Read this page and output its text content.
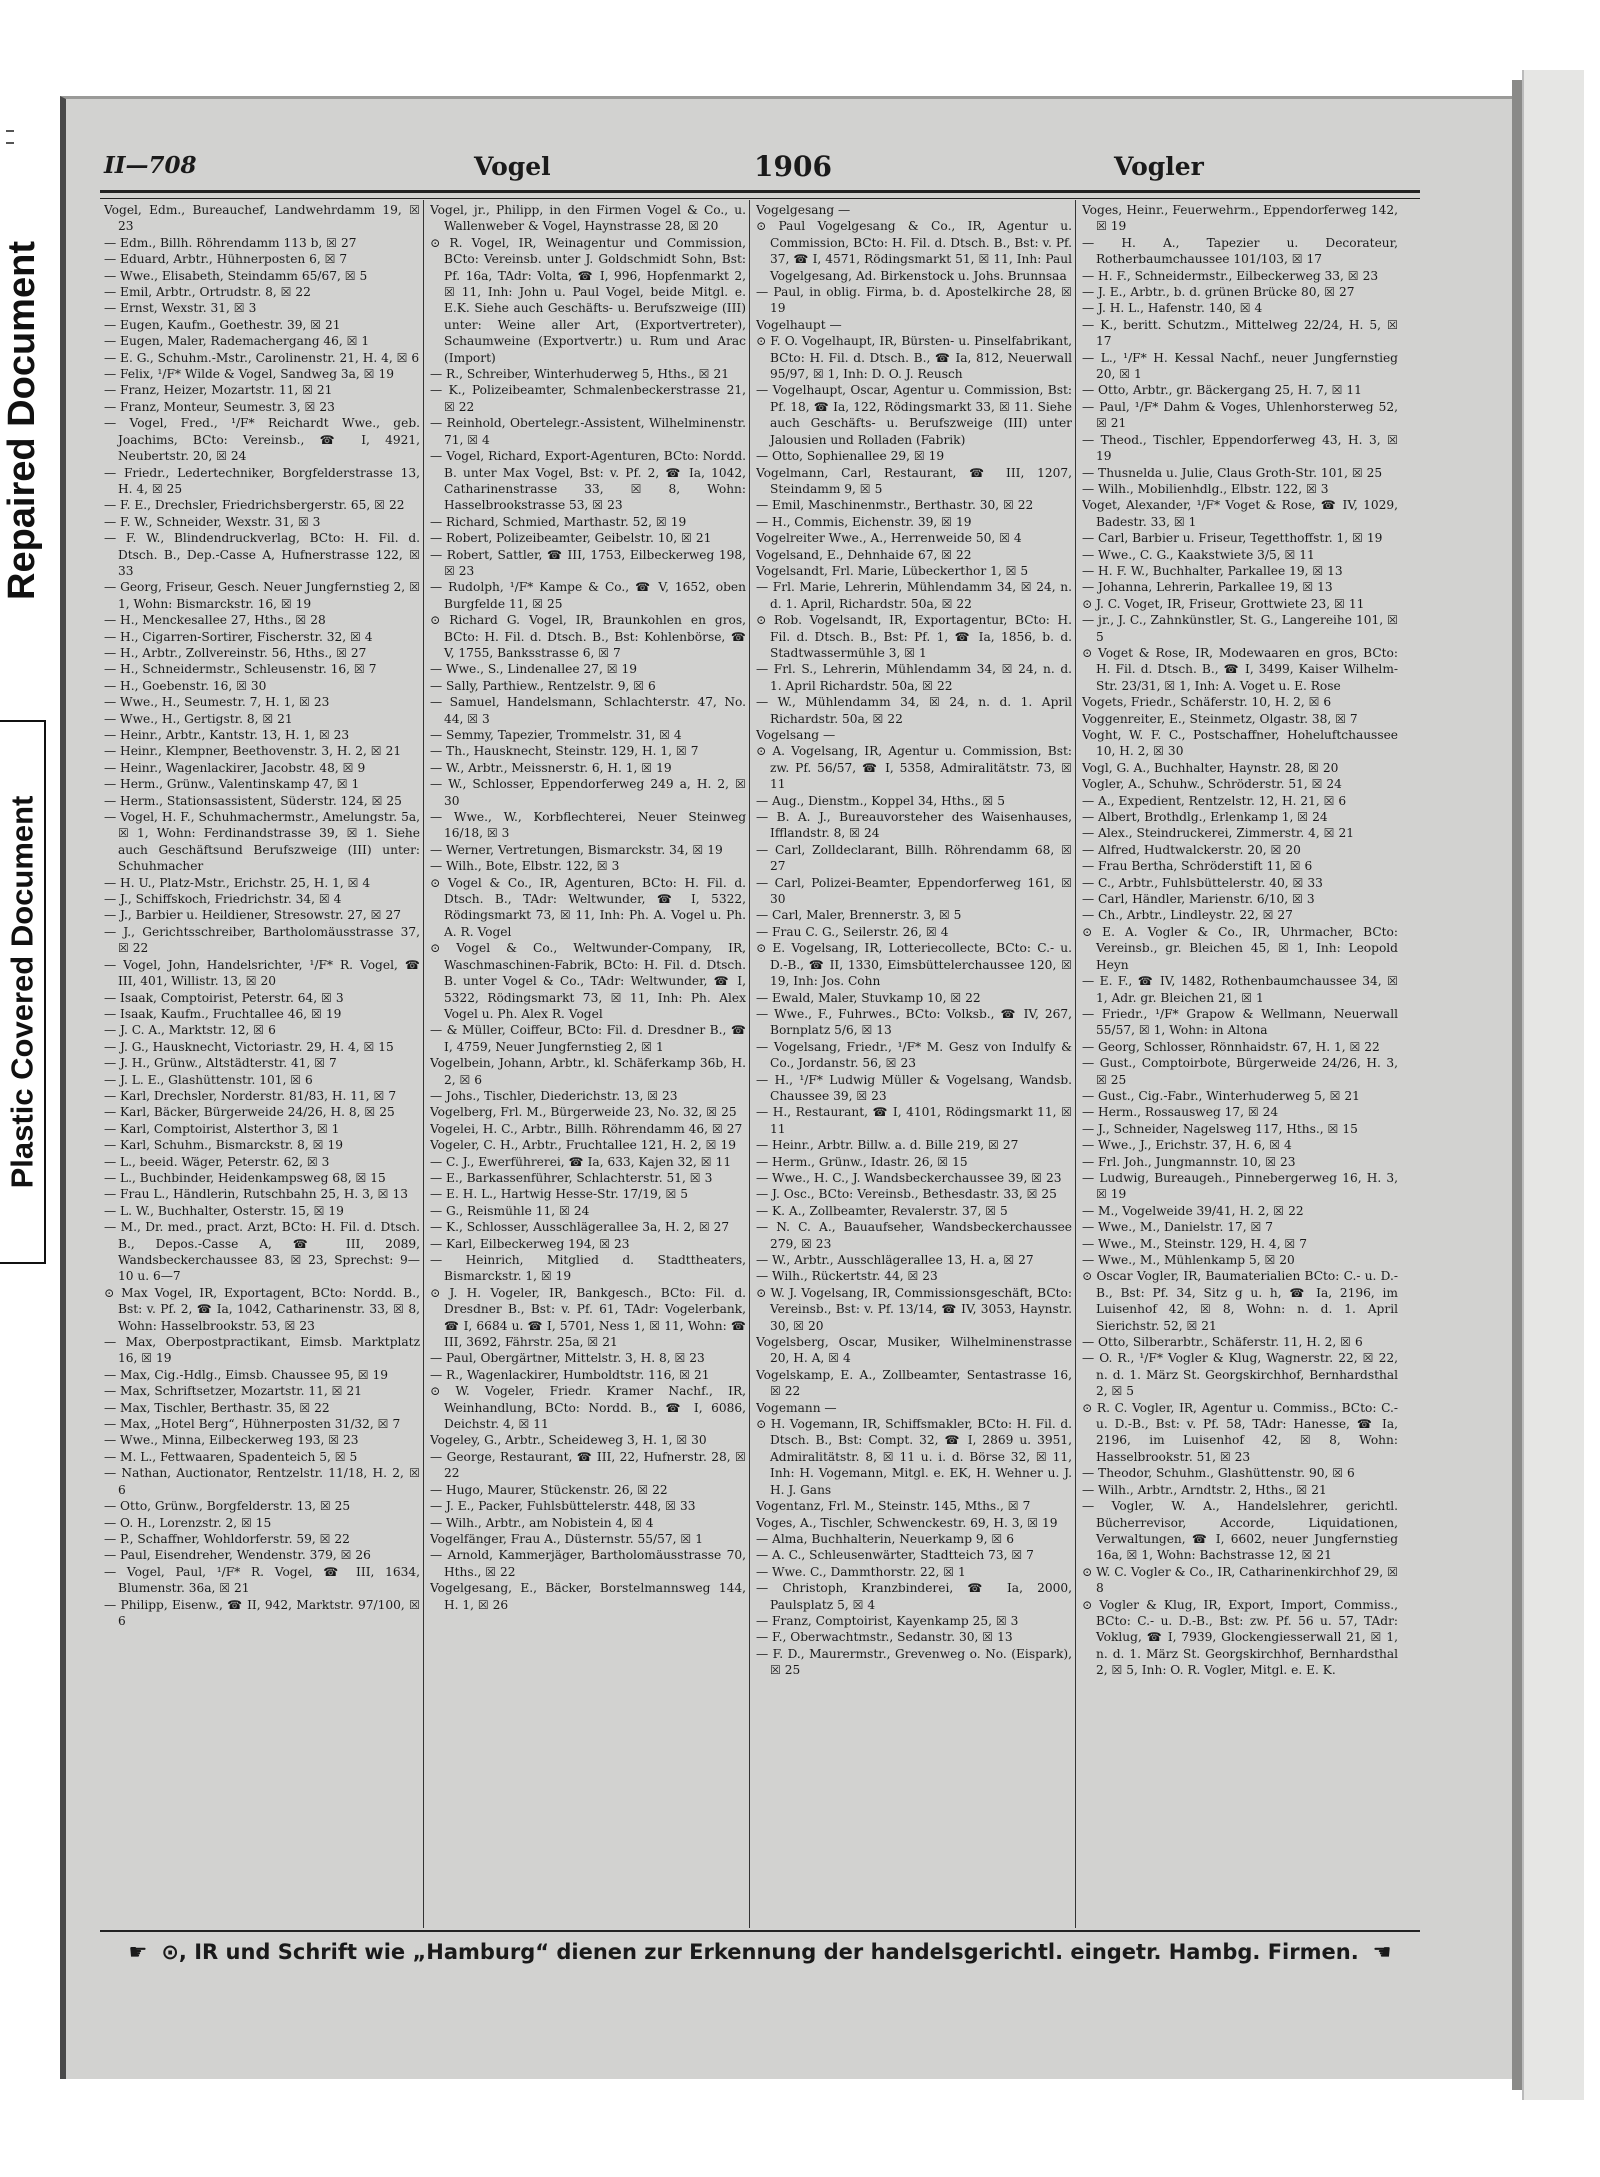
Repaired Document
Plastic Covered Document
II—708	Vogel	1906	Vogler

Vogel, Edm., Bureauchef, Landwehrdamm 19, ☒ 23

— Edm., Billh. Röhrendamm 113 b, ☒ 27

— Eduard, Arbtr., Hühnerposten 6, ☒ 7

— Wwe., Elisabeth, Steindamm 65/67, ☒ 5

— Emil, Arbtr., Ortrudstr. 8, ☒ 22

— Ernst, Wexstr. 31, ☒ 3

— Eugen, Kaufm., Goethestr. 39, ☒ 21

— Eugen, Maler, Rademachergang 46, ☒ 1

— E. G., Schuhm.-Mstr., Carolinenstr. 21, H. 4, ☒ 6

— Felix, ¹/F* Wilde & Vogel, Sandweg 3a, ☒ 19

— Franz, Heizer, Mozartstr. 11, ☒ 21

— Franz, Monteur, Seumestr. 3, ☒ 23

— Vogel, Fred., ¹/F* Reichardt Wwe., geb. Joachims, BCto: Vereinsb., ☎ I, 4921, Neubertstr. 20, ☒ 24

— Friedr., Ledertechniker, Borgfelderstrasse 13, H. 4, ☒ 25

— F. E., Drechsler, Friedrichsbergerstr. 65, ☒ 22

— F. W., Schneider, Wexstr. 31, ☒ 3

— F. W., Blindendruckverlag, BCto: H. Fil. d. Dtsch. B., Dep.-Casse A, Hufnerstrasse 122, ☒ 33

— Georg, Friseur, Gesch. Neuer Jungfernstieg 2, ☒ 1, Wohn: Bismarckstr. 16, ☒ 19

— H., Menckesallee 27, Hths., ☒ 28

— H., Cigarren-Sortirer, Fischerstr. 32, ☒ 4

— H., Arbtr., Zollvereinstr. 56, Hths., ☒ 27

— H., Schneidermstr., Schleusenstr. 16, ☒ 7

— H., Goebenstr. 16, ☒ 30

— Wwe., H., Seumestr. 7, H. 1, ☒ 23

— Wwe., H., Gertigstr. 8, ☒ 21

— Heinr., Arbtr., Kantstr. 13, H. 1, ☒ 23

— Heinr., Klempner, Beethovenstr. 3, H. 2, ☒ 21

— Heinr., Wagenlackirer, Jacobstr. 48, ☒ 9

— Herm., Grünw., Valentinskamp 47, ☒ 1

— Herm., Stationsassistent, Süderstr. 124, ☒ 25

— Vogel, H. F., Schuhmachermstr., Amelungstr. 5a, ☒ 1, Wohn: Ferdinandstrasse 39, ☒ 1. Siehe auch Geschäftsund Berufszweige (III) unter: Schuhmacher

— H. U., Platz-Mstr., Erichstr. 25, H. 1, ☒ 4

— J., Schiffskoch, Friedrichstr. 34, ☒ 4

— J., Barbier u. Heildiener, Stresowstr. 27, ☒ 27

— J., Gerichtsschreiber, Bartholomäusstrasse 37, ☒ 22

— Vogel, John, Handelsrichter, ¹/F* R. Vogel, ☎ III, 401, Willistr. 13, ☒ 20

— Isaak, Comptoirist, Peterstr. 64, ☒ 3

— Isaak, Kaufm., Fruchtallee 46, ☒ 19

— J. C. A., Marktstr. 12, ☒ 6

— J. G., Hausknecht, Victoriastr. 29, H. 4, ☒ 15

— J. H., Grünw., Altstädterstr. 41, ☒ 7

— J. L. E., Glashüttenstr. 101, ☒ 6

— Karl, Drechsler, Norderstr. 81/83, H. 11, ☒ 7

— Karl, Bäcker, Bürgerweide 24/26, H. 8, ☒ 25

— Karl, Comptoirist, Alsterthor 3, ☒ 1

— Karl, Schuhm., Bismarckstr. 8, ☒ 19

— L., beeid. Wäger, Peterstr. 62, ☒ 3

— L., Buchbinder, Heidenkampsweg 68, ☒ 15

— Frau L., Händlerin, Rutschbahn 25, H. 3, ☒ 13

— L. W., Buchhalter, Osterstr. 15, ☒ 19

— M., Dr. med., pract. Arzt, BCto: H. Fil. d. Dtsch. B., Depos.-Casse A, ☎ III, 2089, Wandsbeckerchaussee 83, ☒ 23, Sprechst: 9—10 u. 6—7

⊙ Max Vogel, IR, Exportagent, BCto: Nordd. B., Bst: v. Pf. 2, ☎ Ia, 1042, Catharinenstr. 33, ☒ 8, Wohn: Hasselbrookstr. 53, ☒ 23

— Max, Oberpostpractikant, Eimsb. Marktplatz 16, ☒ 19

— Max, Cig.-Hdlg., Eimsb. Chaussee 95, ☒ 19

— Max, Schriftsetzer, Mozartstr. 11, ☒ 21

— Max, Tischler, Berthastr. 35, ☒ 22

— Max, „Hotel Berg“, Hühnerposten 31/32, ☒ 7

— Wwe., Minna, Eilbeckerweg 193, ☒ 23

— M. L., Fettwaaren, Spadenteich 5, ☒ 5

— Nathan, Auctionator, Rentzelstr. 11/18, H. 2, ☒ 6

— Otto, Grünw., Borgfelderstr. 13, ☒ 25

— O. H., Lorenzstr. 2, ☒ 15

— P., Schaffner, Wohldorferstr. 59, ☒ 22

— Paul, Eisendreher, Wendenstr. 379, ☒ 26

— Vogel, Paul, ¹/F* R. Vogel, ☎ III, 1634, Blumenstr. 36a, ☒ 21

— Philipp, Eisenw., ☎ II, 942, Marktstr. 97/100, ☒ 6

Vogel, jr., Philipp, in den Firmen Vogel & Co., u. Wallenweber & Vogel, Haynstrasse 28, ☒ 20

⊙ R. Vogel, IR, Weinagentur und Commission, BCto: Vereinsb. unter J. Goldschmidt Sohn, Bst: Pf. 16a, TAdr: Volta, ☎ I, 996, Hopfenmarkt 2, ☒ 11, Inh: John u. Paul Vogel, beide Mitgl. e. E.K. Siehe auch Geschäfts- u. Berufszweige (III) unter: Weine aller Art, (Exportvertreter), Schaumweine (Exportvertr.) u. Rum und Arac (Import)

— R., Schreiber, Winterhuderweg 5, Hths., ☒ 21

— K., Polizeibeamter, Schmalenbeckerstrasse 21, ☒ 22

— Reinhold, Obertelegr.-Assistent, Wilhelminenstr. 71, ☒ 4

— Vogel, Richard, Export-Agenturen, BCto: Nordd. B. unter Max Vogel, Bst: v. Pf. 2, ☎ Ia, 1042, Catharinenstrasse 33, ☒ 8, Wohn: Hasselbrookstrasse 53, ☒ 23

— Richard, Schmied, Marthastr. 52, ☒ 19

— Robert, Polizeibeamter, Geibelstr. 10, ☒ 21

— Robert, Sattler, ☎ III, 1753, Eilbeckerweg 198, ☒ 23

— Rudolph, ¹/F* Kampe & Co., ☎ V, 1652, oben Burgfelde 11, ☒ 25

⊙ Richard G. Vogel, IR, Braunkohlen en gros, BCto: H. Fil. d. Dtsch. B., Bst: Kohlenbörse, ☎ V, 1755, Banksstrasse 6, ☒ 7

— Wwe., S., Lindenallee 27, ☒ 19

— Sally, Parthiew., Rentzelstr. 9, ☒ 6

— Samuel, Handelsmann, Schlachterstr. 47, No. 44, ☒ 3

— Semmy, Tapezier, Trommelstr. 31, ☒ 4

— Th., Hausknecht, Steinstr. 129, H. 1, ☒ 7

— W., Arbtr., Meissnerstr. 6, H. 1, ☒ 19

— W., Schlosser, Eppendorferweg 249 a, H. 2, ☒ 30

— Wwe., W., Korbflechterei, Neuer Steinweg 16/18, ☒ 3

— Werner, Vertretungen, Bismarckstr. 34, ☒ 19

— Wilh., Bote, Elbstr. 122, ☒ 3

⊙ Vogel & Co., IR, Agenturen, BCto: H. Fil. d. Dtsch. B., TAdr: Weltwunder, ☎ I, 5322, Rödingsmarkt 73, ☒ 11, Inh: Ph. A. Vogel u. Ph. A. R. Vogel

⊙ Vogel & Co., Weltwunder-Company, IR, Waschmaschinen-Fabrik, BCto: H. Fil. d. Dtsch. B. unter Vogel & Co., TAdr: Weltwunder, ☎ I, 5322, Rödingsmarkt 73, ☒ 11, Inh: Ph. Alex Vogel u. Ph. Alex R. Vogel

— & Müller, Coiffeur, BCto: Fil. d. Dresdner B., ☎ I, 4759, Neuer Jungfernstieg 2, ☒ 1

Vogelbein, Johann, Arbtr., kl. Schäferkamp 36b, H. 2, ☒ 6

— Johs., Tischler, Diederichstr. 13, ☒ 23

Vogelberg, Frl. M., Bürgerweide 23, No. 32, ☒ 25

Vogelei, H. C., Arbtr., Billh. Röhrendamm 46, ☒ 27

Vogeler, C. H., Arbtr., Fruchtallee 121, H. 2, ☒ 19

— C. J., Ewerführerei, ☎ Ia, 633, Kajen 32, ☒ 11

— E., Barkassenführer, Schlachterstr. 51, ☒ 3

— E. H. L., Hartwig Hesse-Str. 17/19, ☒ 5

— G., Reismühle 11, ☒ 24

— K., Schlosser, Ausschlägerallee 3a, H. 2, ☒ 27

— Karl, Eilbeckerweg 194, ☒ 23

— Heinrich, Mitglied d. Stadttheaters, Bismarckstr. 1, ☒ 19

⊙ J. H. Vogeler, IR, Bankgesch., BCto: Fil. d. Dresdner B., Bst: v. Pf. 61, TAdr: Vogelerbank, ☎ I, 6684 u. ☎ I, 5701, Ness 1, ☒ 11, Wohn: ☎ III, 3692, Fährstr. 25a, ☒ 21

— Paul, Obergärtner, Mittelstr. 3, H. 8, ☒ 23

— R., Wagenlackirer, Humboldtstr. 116, ☒ 21

⊙ W. Vogeler, Friedr. Kramer Nachf., IR, Weinhandlung, BCto: Nordd. B., ☎ I, 6086, Deichstr. 4, ☒ 11

Vogeley, G., Arbtr., Scheideweg 3, H. 1, ☒ 30

— George, Restaurant, ☎ III, 22, Hufnerstr. 28, ☒ 22

— Hugo, Maurer, Stückenstr. 26, ☒ 22

— J. E., Packer, Fuhlsbüttelerstr. 448, ☒ 33

— Wilh., Arbtr., am Nobistein 4, ☒ 4

Vogelfänger, Frau A., Düsternstr. 55/57, ☒ 1

— Arnold, Kammerjäger, Bartholomäusstrasse 70, Hths., ☒ 22

Vogelgesang, E., Bäcker, Borstelmannsweg 144, H. 1, ☒ 26

Vogelgesang —

⊙ Paul Vogelgesang & Co., IR, Agentur u. Commission, BCto: H. Fil. d. Dtsch. B., Bst: v. Pf. 37, ☎ I, 4571, Rödingsmarkt 51, ☒ 11, Inh: Paul Vogelgesang, Ad. Birkenstock u. Johs. Brunnsaa

— Paul, in oblig. Firma, b. d. Apostelkirche 28, ☒ 19

Vogelhaupt —

⊙ F. O. Vogelhaupt, IR, Bürsten- u. Pinselfabrikant, BCto: H. Fil. d. Dtsch. B., ☎ Ia, 812, Neuerwall 95/97, ☒ 1, Inh: D. O. J. Reusch

— Vogelhaupt, Oscar, Agentur u. Commission, Bst: Pf. 18, ☎ Ia, 122, Rödingsmarkt 33, ☒ 11. Siehe auch Geschäfts- u. Berufszweige (III) unter Jalousien und Rolladen (Fabrik)

— Otto, Sophienallee 29, ☒ 19

Vogelmann, Carl, Restaurant, ☎ III, 1207, Steindamm 9, ☒ 5

— Emil, Maschinenmstr., Berthastr. 30, ☒ 22

— H., Commis, Eichenstr. 39, ☒ 19

Vogelreiter Wwe., A., Herrenweide 50, ☒ 4

Vogelsand, E., Dehnhaide 67, ☒ 22

Vogelsandt, Frl. Marie, Lübeckerthor 1, ☒ 5

— Frl. Marie, Lehrerin, Mühlendamm 34, ☒ 24, n. d. 1. April, Richardstr. 50a, ☒ 22

⊙ Rob. Vogelsandt, IR, Exportagentur, BCto: H. Fil. d. Dtsch. B., Bst: Pf. 1, ☎ Ia, 1856, b. d. Stadtwassermühle 3, ☒ 1

— Frl. S., Lehrerin, Mühlendamm 34, ☒ 24, n. d. 1. April Richardstr. 50a, ☒ 22

— W., Mühlendamm 34, ☒ 24, n. d. 1. April Richardstr. 50a, ☒ 22

Vogelsang —

⊙ A. Vogelsang, IR, Agentur u. Commission, Bst: zw. Pf. 56/57, ☎ I, 5358, Admiralitätstr. 73, ☒ 11

— Aug., Dienstm., Koppel 34, Hths., ☒ 5

— B. A. J., Bureauvorsteher des Waisenhauses, Ifflandstr. 8, ☒ 24

— Carl, Zolldeclarant, Billh. Röhrendamm 68, ☒ 27

— Carl, Polizei-Beamter, Eppendorferweg 161, ☒ 30

— Carl, Maler, Brennerstr. 3, ☒ 5

— Frau C. G., Seilerstr. 26, ☒ 4

⊙ E. Vogelsang, IR, Lotteriecollecte, BCto: C.- u. D.-B., ☎ II, 1330, Eimsbüttelerchaussee 120, ☒ 19, Inh: Jos. Cohn

— Ewald, Maler, Stuvkamp 10, ☒ 22

— Wwe., F., Fuhrwes., BCto: Volksb., ☎ IV, 267, Bornplatz 5/6, ☒ 13

— Vogelsang, Friedr., ¹/F* M. Gesz von Indulfy & Co., Jordanstr. 56, ☒ 23

— H., ¹/F* Ludwig Müller & Vogelsang, Wandsb. Chaussee 39, ☒ 23

— H., Restaurant, ☎ I, 4101, Rödingsmarkt 11, ☒ 11

— Heinr., Arbtr. Billw. a. d. Bille 219, ☒ 27

— Herm., Grünw., Idastr. 26, ☒ 15

— Wwe., H. C., J. Wandsbeckerchaussee 39, ☒ 23

— J. Osc., BCto: Vereinsb., Bethesdastr. 33, ☒ 25

— K. A., Zollbeamter, Revalerstr. 37, ☒ 5

— N. C. A., Bauaufseher, Wandsbeckerchaussee 279, ☒ 23

— W., Arbtr., Ausschlägerallee 13, H. a, ☒ 27

— Wilh., Rückertstr. 44, ☒ 23

⊙ W. J. Vogelsang, IR, Commissionsgeschäft, BCto: Vereinsb., Bst: v. Pf. 13/14, ☎ IV, 3053, Haynstr. 30, ☒ 20

Vogelsberg, Oscar, Musiker, Wilhelminenstrasse 20, H. A, ☒ 4

Vogelskamp, E. A., Zollbeamter, Sentastrasse 16, ☒ 22

Vogemann —

⊙ H. Vogemann, IR, Schiffsmakler, BCto: H. Fil. d. Dtsch. B., Bst: Compt. 32, ☎ I, 2869 u. 3951, Admiralitätstr. 8, ☒ 11 u. i. d. Börse 32, ☒ 11, Inh: H. Vogemann, Mitgl. e. EK, H. Wehner u. J. H. J. Gans

Vogentanz, Frl. M., Steinstr. 145, Mths., ☒ 7

Voges, A., Tischler, Schwenckestr. 69, H. 3, ☒ 19

— Alma, Buchhalterin, Neuerkamp 9, ☒ 6

— A. C., Schleusenwärter, Stadtteich 73, ☒ 7

— Wwe. C., Dammthorstr. 22, ☒ 1

— Christoph, Kranzbinderei, ☎ Ia, 2000, Paulsplatz 5, ☒ 4

— Franz, Comptoirist, Kayenkamp 25, ☒ 3

— F., Oberwachtmstr., Sedanstr. 30, ☒ 13

— F. D., Maurermstr., Grevenweg o. No. (Eispark), ☒ 25

Voges, Heinr., Feuerwehrm., Eppendorferweg 142, ☒ 19

— H. A., Tapezier u. Decorateur, Rotherbaumchaussee 101/103, ☒ 17

— H. F., Schneidermstr., Eilbeckerweg 33, ☒ 23

— J. E., Arbtr., b. d. grünen Brücke 80, ☒ 27

— J. H. L., Hafenstr. 140, ☒ 4

— K., beritt. Schutzm., Mittelweg 22/24, H. 5, ☒ 17

— L., ¹/F* H. Kessal Nachf., neuer Jungfernstieg 20, ☒ 1

— Otto, Arbtr., gr. Bäckergang 25, H. 7, ☒ 11

— Paul, ¹/F* Dahm & Voges, Uhlenhorsterweg 52, ☒ 21

— Theod., Tischler, Eppendorferweg 43, H. 3, ☒ 19

— Thusnelda u. Julie, Claus Groth-Str. 101, ☒ 25

— Wilh., Mobilienhdlg., Elbstr. 122, ☒ 3

Voget, Alexander, ¹/F* Voget & Rose, ☎ IV, 1029, Badestr. 33, ☒ 1

— Carl, Barbier u. Friseur, Tegetthoffstr. 1, ☒ 19

— Wwe., C. G., Kaakstwiete 3/5, ☒ 11

— H. F. W., Buchhalter, Parkallee 19, ☒ 13

— Johanna, Lehrerin, Parkallee 19, ☒ 13

⊙ J. C. Voget, IR, Friseur, Grottwiete 23, ☒ 11

— jr., J. C., Zahnkünstler, St. G., Langereihe 101, ☒ 5

⊙ Voget & Rose, IR, Modewaaren en gros, BCto: H. Fil. d. Dtsch. B., ☎ I, 3499, Kaiser Wilhelm-Str. 23/31, ☒ 1, Inh: A. Voget u. E. Rose

Vogets, Friedr., Schäferstr. 10, H. 2, ☒ 6

Voggenreiter, E., Steinmetz, Olgastr. 38, ☒ 7

Voght, W. F. C., Postschaffner, Hoheluftchaussee 10, H. 2, ☒ 30

Vogl, G. A., Buchhalter, Haynstr. 28, ☒ 20

Vogler, A., Schuhw., Schröderstr. 51, ☒ 24

— A., Expedient, Rentzelstr. 12, H. 21, ☒ 6

— Albert, Brothdlg., Erlenkamp 1, ☒ 24

— Alex., Steindruckerei, Zimmerstr. 4, ☒ 21

— Alfred, Hudtwalckerstr. 20, ☒ 20

— Frau Bertha, Schröderstift 11, ☒ 6

— C., Arbtr., Fuhlsbüttelerstr. 40, ☒ 33

— Carl, Händler, Marienstr. 6/10, ☒ 3

— Ch., Arbtr., Lindleystr. 22, ☒ 27

⊙ E. A. Vogler & Co., IR, Uhrmacher, BCto: Vereinsb., gr. Bleichen 45, ☒ 1, Inh: Leopold Heyn

— E. F., ☎ IV, 1482, Rothenbaumchaussee 34, ☒ 1, Adr. gr. Bleichen 21, ☒ 1

— Friedr., ¹/F* Grapow & Wellmann, Neuerwall 55/57, ☒ 1, Wohn: in Altona

— Georg, Schlosser, Rönnhaidstr. 67, H. 1, ☒ 22

— Gust., Comptoirbote, Bürgerweide 24/26, H. 3, ☒ 25

— Gust., Cig.-Fabr., Winterhuderweg 5, ☒ 21

— Herm., Rossausweg 17, ☒ 24

— J., Schneider, Nagelsweg 117, Hths., ☒ 15

— Wwe., J., Erichstr. 37, H. 6, ☒ 4

— Frl. Joh., Jungmannstr. 10, ☒ 23

— Ludwig, Bureaugeh., Pinnebergerweg 16, H. 3, ☒ 19

— M., Vogelweide 39/41, H. 2, ☒ 22

— Wwe., M., Danielstr. 17, ☒ 7

— Wwe., M., Steinstr. 129, H. 4, ☒ 7

— Wwe., M., Mühlenkamp 5, ☒ 20

⊙ Oscar Vogler, IR, Baumaterialien BCto: C.- u. D.-B., Bst: Pf. 34, Sitz g u. h, ☎ Ia, 2196, im Luisenhof 42, ☒ 8, Wohn: n. d. 1. April Sierichstr. 52, ☒ 21

— Otto, Silberarbtr., Schäferstr. 11, H. 2, ☒ 6

— O. R., ¹/F* Vogler & Klug, Wagnerstr. 22, ☒ 22, n. d. 1. März St. Georgskirchhof, Bernhardsthal 2, ☒ 5

⊙ R. C. Vogler, IR, Agentur u. Commiss., BCto: C.- u. D.-B., Bst: v. Pf. 58, TAdr: Hanesse, ☎ Ia, 2196, im Luisenhof 42, ☒ 8, Wohn: Hasselbrookstr. 51, ☒ 23

— Theodor, Schuhm., Glashüttenstr. 90, ☒ 6

— Wilh., Arbtr., Arndtstr. 2, Hths., ☒ 21

— Vogler, W. A., Handelslehrer, gerichtl. Bücherrevisor, Accorde, Liquidationen, Verwaltungen, ☎ I, 6602, neuer Jungfernstieg 16a, ☒ 1, Wohn: Bachstrasse 12, ☒ 21

⊙ W. C. Vogler & Co., IR, Catharinenkirchhof 29, ☒ 8

⊙ Vogler & Klug, IR, Export, Import, Commiss., BCto: C.- u. D.-B., Bst: zw. Pf. 56 u. 57, TAdr: Voklug, ☎ I, 7939, Glockengiesserwall 21, ☒ 1, n. d. 1. März St. Georgskirchhof, Bernhardsthal 2, ☒ 5, Inh: O. R. Vogler, Mitgl. e. E. K.

☛ ⊙, IR und Schrift wie „Hamburg“ dienen zur Erkennung der handelsgerichtl. eingetr. Hambg. Firmen. ☚
